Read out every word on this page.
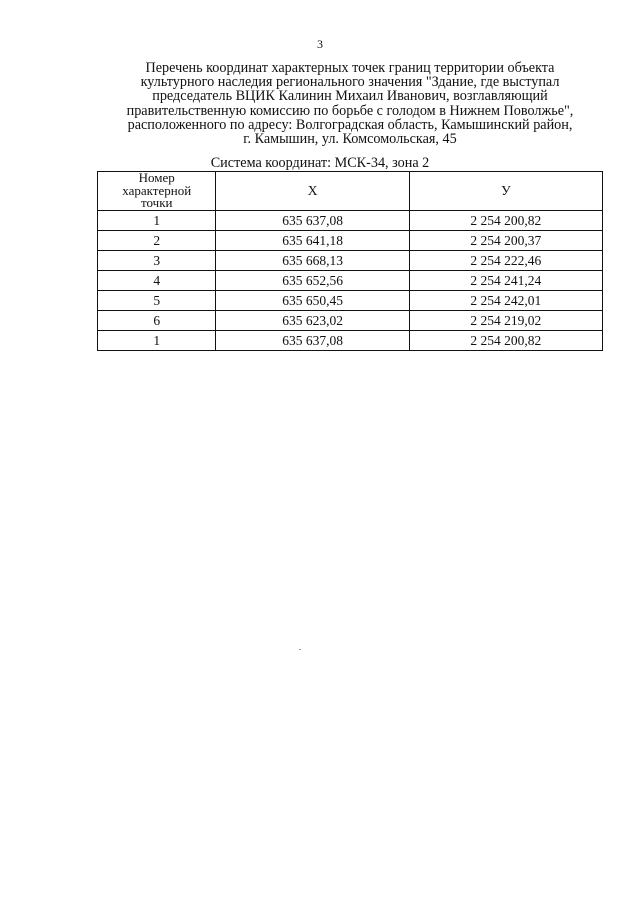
3
Перечень координат характерных точек границ территории объекта
культурного наследия регионального значения "Здание, где выступал
председатель ВЦИК Калинин Михаил Иванович, возглавляющий
правительственную комиссию по борьбе с голодом в Нижнем Поволжье",
расположенного по адресу: Волгоградская область, Камышинский район,
г. Камышин, ул. Комсомольская, 45
Система координат: МСК-34, зона 2
Номер
характерной
точки	Х	У
1	635 637,08	2 254 200,82
2	635 641,18	2 254 200,37
3	635 668,13	2 254 222,46
4	635 652,56	2 254 241,24
5	635 650,45	2 254 242,01
6	635 623,02	2 254 219,02
1	635 637,08	2 254 200,82
